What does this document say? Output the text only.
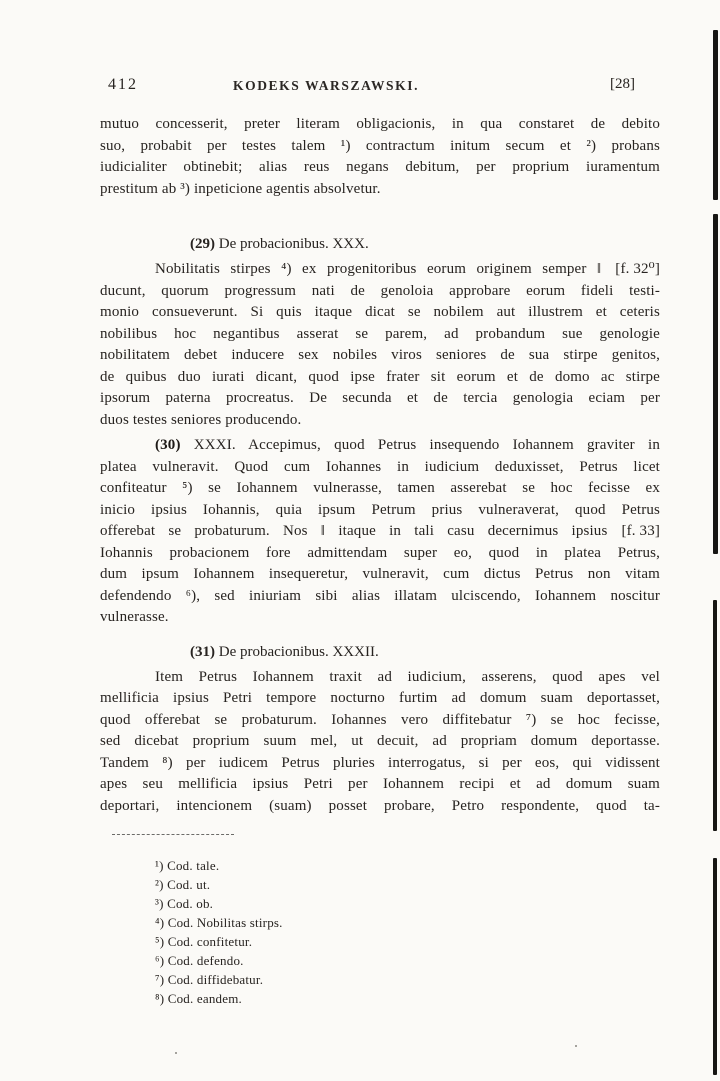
412	KODEKS WARSZAWSKI.	[28]
mutuo concesserit, preter literam obligacionis, in qua constaret de debito
suo, probabit per testes talem ¹) contractum initum secum et ²) probans
iudicialiter obtinebit; alias reus negans debitum, per proprium iuramentum
prestitum ab ³) inpeticione agentis absolvetur.
(29) De probacionibus. XXX.
Nobilitatis stirpes ⁴) ex progenitoribus eorum originem semper ‖ [f. 32⁰]
ducunt, quorum progressum nati de genoloia approbare eorum fideli testi-
monio consueverunt. Si quis itaque dicat se nobilem aut illustrem et ceteris
nobilibus hoc negantibus asserat se parem, ad probandum sue genologie
nobilitatem debet inducere sex nobiles viros seniores de sua stirpe genitos,
de quibus duo iurati dicant, quod ipse frater sit eorum et de domo ac stirpe
ipsorum paterna procreatus. De secunda et de tercia genologia eciam per
duos testes seniores producendo.
(30) XXXI. Accepimus, quod Petrus insequendo Iohannem graviter in
platea vulneravit. Quod cum Iohannes in iudicium deduxisset, Petrus licet
confiteatur ⁵) se Iohannem vulnerasse, tamen asserebat se hoc fecisse ex
inicio ipsius Iohannis, quia ipsum Petrum prius vulneraverat, quod Petrus
offerebat se probaturum. Nos ‖ itaque in tali casu decernimus ipsius [f. 33]
Iohannis probacionem fore admittendam super eo, quod in platea Petrus,
dum ipsum Iohannem insequeretur, vulneravit, cum dictus Petrus non vitam
defendendo ⁶), sed iniuriam sibi alias illatam ulciscendo, Iohannem noscitur
vulnerasse.
(31) De probacionibus. XXXII.
Item Petrus Iohannem traxit ad iudicium, asserens, quod apes vel
mellificia ipsius Petri tempore nocturno furtim ad domum suam deportasset,
quod offerebat se probaturum. Iohannes vero diffitebatur ⁷) se hoc fecisse,
sed dicebat proprium suum mel, ut decuit, ad propriam domum deportasse.
Tandem ⁸) per iudicem Petrus pluries interrogatus, si per eos, qui vidissent
apes seu mellificia ipsius Petri per Iohannem recipi et ad domum suam
deportari, intencionem (suam) posset probare, Petro respondente, quod ta-
¹) Cod. tale.
²) Cod. ut.
³) Cod. ob.
⁴) Cod. Nobilitas stirps.
⁵) Cod. confitetur.
⁶) Cod. defendo.
⁷) Cod. diffidebatur.
⁸) Cod. eandem.
